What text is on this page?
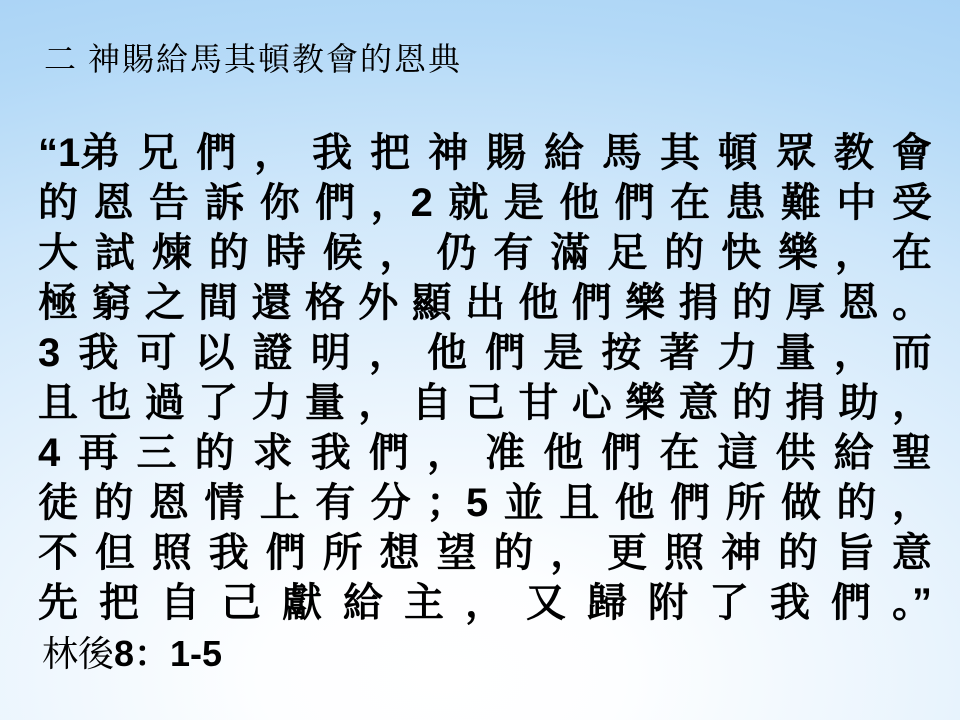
二 神賜給馬其頓教會的恩典
“1弟 兄 們 ， 我 把 神 賜 給 馬 其 頓 眾 教 會
的 恩 告 訴 你 們 ，2 就 是 他 們 在 患 難 中 受
大 試 煉 的 時 候 ， 仍 有 滿 足 的 快 樂 ， 在
極 窮 之 間 還 格 外 顯 出 他 們 樂 捐 的 厚 恩 。
3 我 可 以 證 明 ， 他 們 是 按 著 力 量 ， 而
且 也 過 了 力 量 ， 自 己 甘 心 樂 意 的 捐 助 ，
4 再 三 的 求 我 們 ， 准 他 們 在 這 供 給 聖
徒 的 恩 情 上 有 分 ；5 並 且 他 們 所 做 的 ，
不 但 照 我 們 所 想 望 的 ， 更 照 神 的 旨 意
先 把 自 己 獻 給 主 ， 又 歸 附 了 我 們 。”
林後8：1-5
